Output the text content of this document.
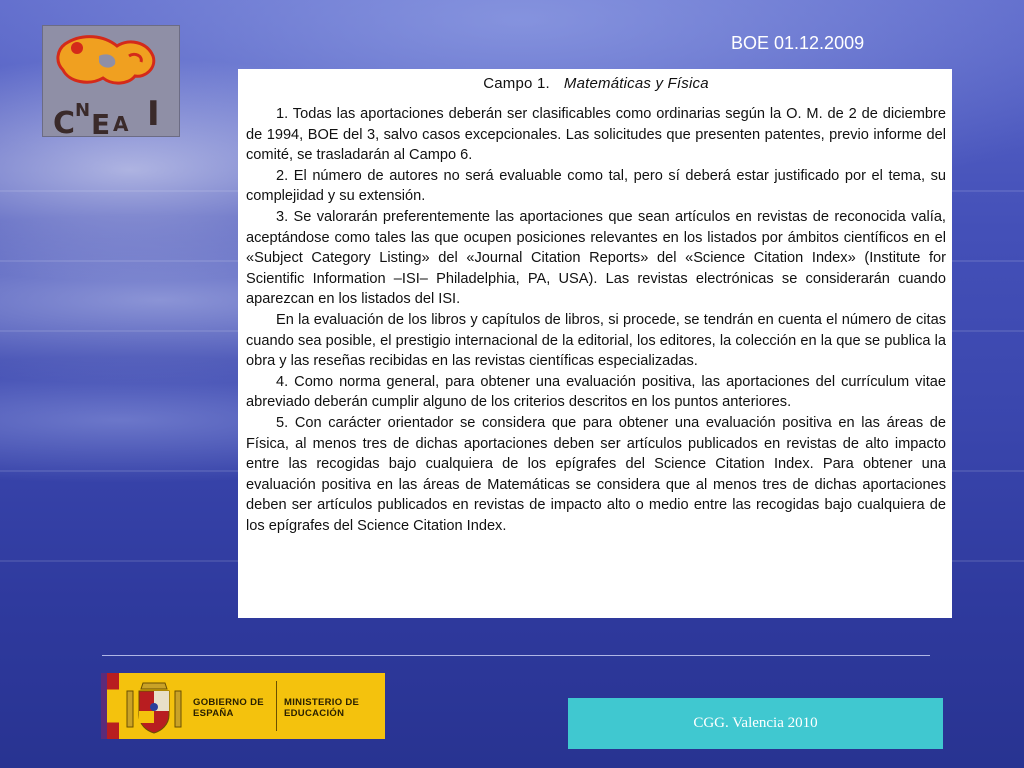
C N E A I
BOE 01.12.2009
Campo 1. Matemáticas y Física

1. Todas las aportaciones deberán ser clasificables como ordinarias según la O. M. de 2 de diciembre de 1994, BOE del 3, salvo casos excepcionales. Las solicitudes que presenten patentes, previo informe del comité, se trasladarán al Campo 6.

2. El número de autores no será evaluable como tal, pero sí deberá estar justificado por el tema, su complejidad y su extensión.

3. Se valorarán preferentemente las aportaciones que sean artículos en revistas de reconocida valía, aceptándose como tales las que ocupen posiciones relevantes en los listados por ámbitos científicos en el «Subject Category Listing» del «Journal Citation Reports» del «Science Citation Index» (Institute for Scientific Information –ISI– Philadelphia, PA, USA). Las revistas electrónicas se considerarán cuando aparezcan en los listados del ISI.

En la evaluación de los libros y capítulos de libros, si procede, se tendrán en cuenta el número de citas cuando sea posible, el prestigio internacional de la editorial, los editores, la colección en la que se publica la obra y las reseñas recibidas en las revistas científicas especializadas.

4. Como norma general, para obtener una evaluación positiva, las aportaciones del currículum vitae abreviado deberán cumplir alguno de los criterios descritos en los puntos anteriores.

5. Con carácter orientador se considera que para obtener una evaluación positiva en las áreas de Física, al menos tres de dichas aportaciones deben ser artículos publicados en revistas de alto impacto entre las recogidas bajo cualquiera de los epígrafes del Science Citation Index. Para obtener una evaluación positiva en las áreas de Matemáticas se considera que al menos tres de dichas aportaciones deben ser artículos publicados en revistas de impacto alto o medio entre las recogidas bajo cualquiera de los epígrafes del Science Citation Index.

GOBIERNO DE ESPAÑA
MINISTERIO DE EDUCACIÓN
CGG. Valencia 2010
